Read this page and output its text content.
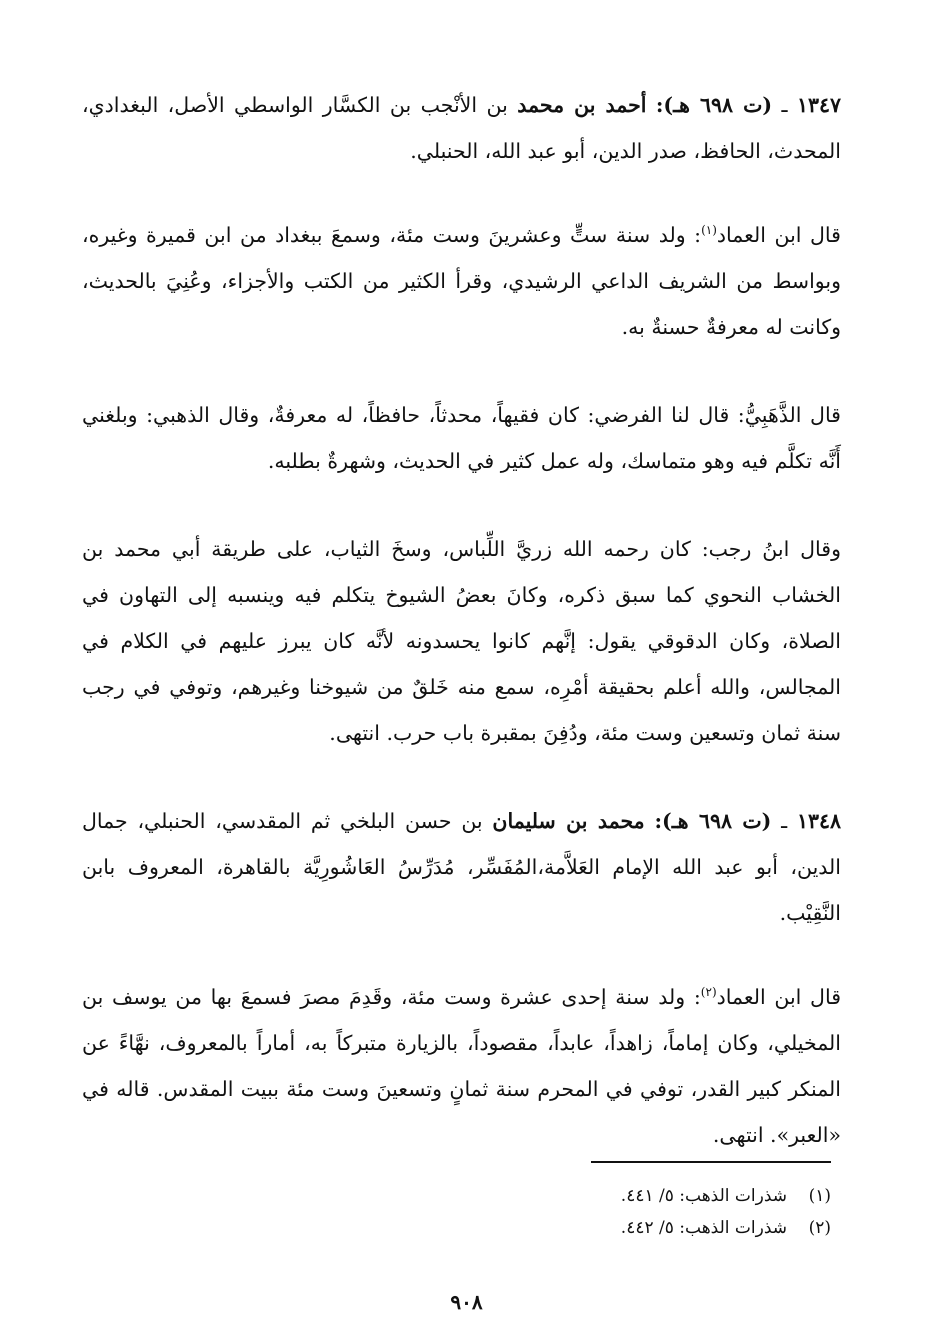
١٣٤٧ ـ (ت ٦٩٨ هـ): أحمد بن محمد بن الأنْجب بن الكسَّار الواسطي الأصل، البغدادي، المحدث، الحافظ، صدر الدين، أبو عبد الله، الحنبلي.

قال ابن العماد$^{(١)}$: ولد سنة ستٍّ وعشرينَ وست مئة، وسمعَ ببغداد من ابن قميرة وغيره، وبواسط من الشريف الداعي الرشيدي، وقرأ الكثير من الكتب والأجزاء، وعُنِيَ بالحديث، وكانت له معرفةٌ حسنةٌ به.

قال الذَّهَبِيُّ: قال لنا الفرضي: كان فقيهاً، محدثاً، حافظاً، له معرفةٌ، وقال الذهبي: وبلغني أَنَّه تكلَّم فيه وهو متماسك، وله عمل كثير في الحديث، وشهرةٌ بطلبه.

وقال ابنُ رجب: كان رحمه الله زريَّ اللِّباس، وسخَ الثياب، على طريقة أبي محمد بن الخشاب النحوي كما سبق ذكره، وكانَ بعضُ الشيوخ يتكلم فيه وينسبه إلى التهاون في الصلاة، وكان الدقوقي يقول: إنَّهم كانوا يحسدونه لأنَّه كان يبرز عليهم في الكلام في المجالس، والله أعلم بحقيقة أمْرِه، سمع منه خَلقٌ من شيوخنا وغيرهم، وتوفي في رجب سنة ثمان وتسعين وست مئة، ودُفِنَ بمقبرة باب حرب. انتهى.

١٣٤٨ ـ (ت ٦٩٨ هـ): محمد بن سليمان بن حسن البلخي ثم المقدسي، الحنبلي، جمال الدين، أبو عبد الله الإمام العَلاَّمة،المُفَسِّر، مُدَرِّسُ العَاشُورِيَّة بالقاهرة، المعروف بابن النَّقِيْب.

قال ابن العماد$^{(٢)}$: ولد سنة إحدى عشرة وست مئة، وقَدِمَ مصرَ فسمعَ بها من يوسف بن المخيلي، وكان إماماً، زاهداً، عابداً، مقصوداً، بالزيارة متبركاً به، أماراً بالمعروف، نهَّاءً عن المنكر كبير القدر، توفي في المحرم سنة ثمانٍ وتسعينَ وست مئة ببيت المقدس. قاله في «العبر». انتهى.

(١)شذرات الذهب: ٥/ ٤٤١.
(٢)شذرات الذهب: ٥/ ٤٤٢.
٩٠٨
